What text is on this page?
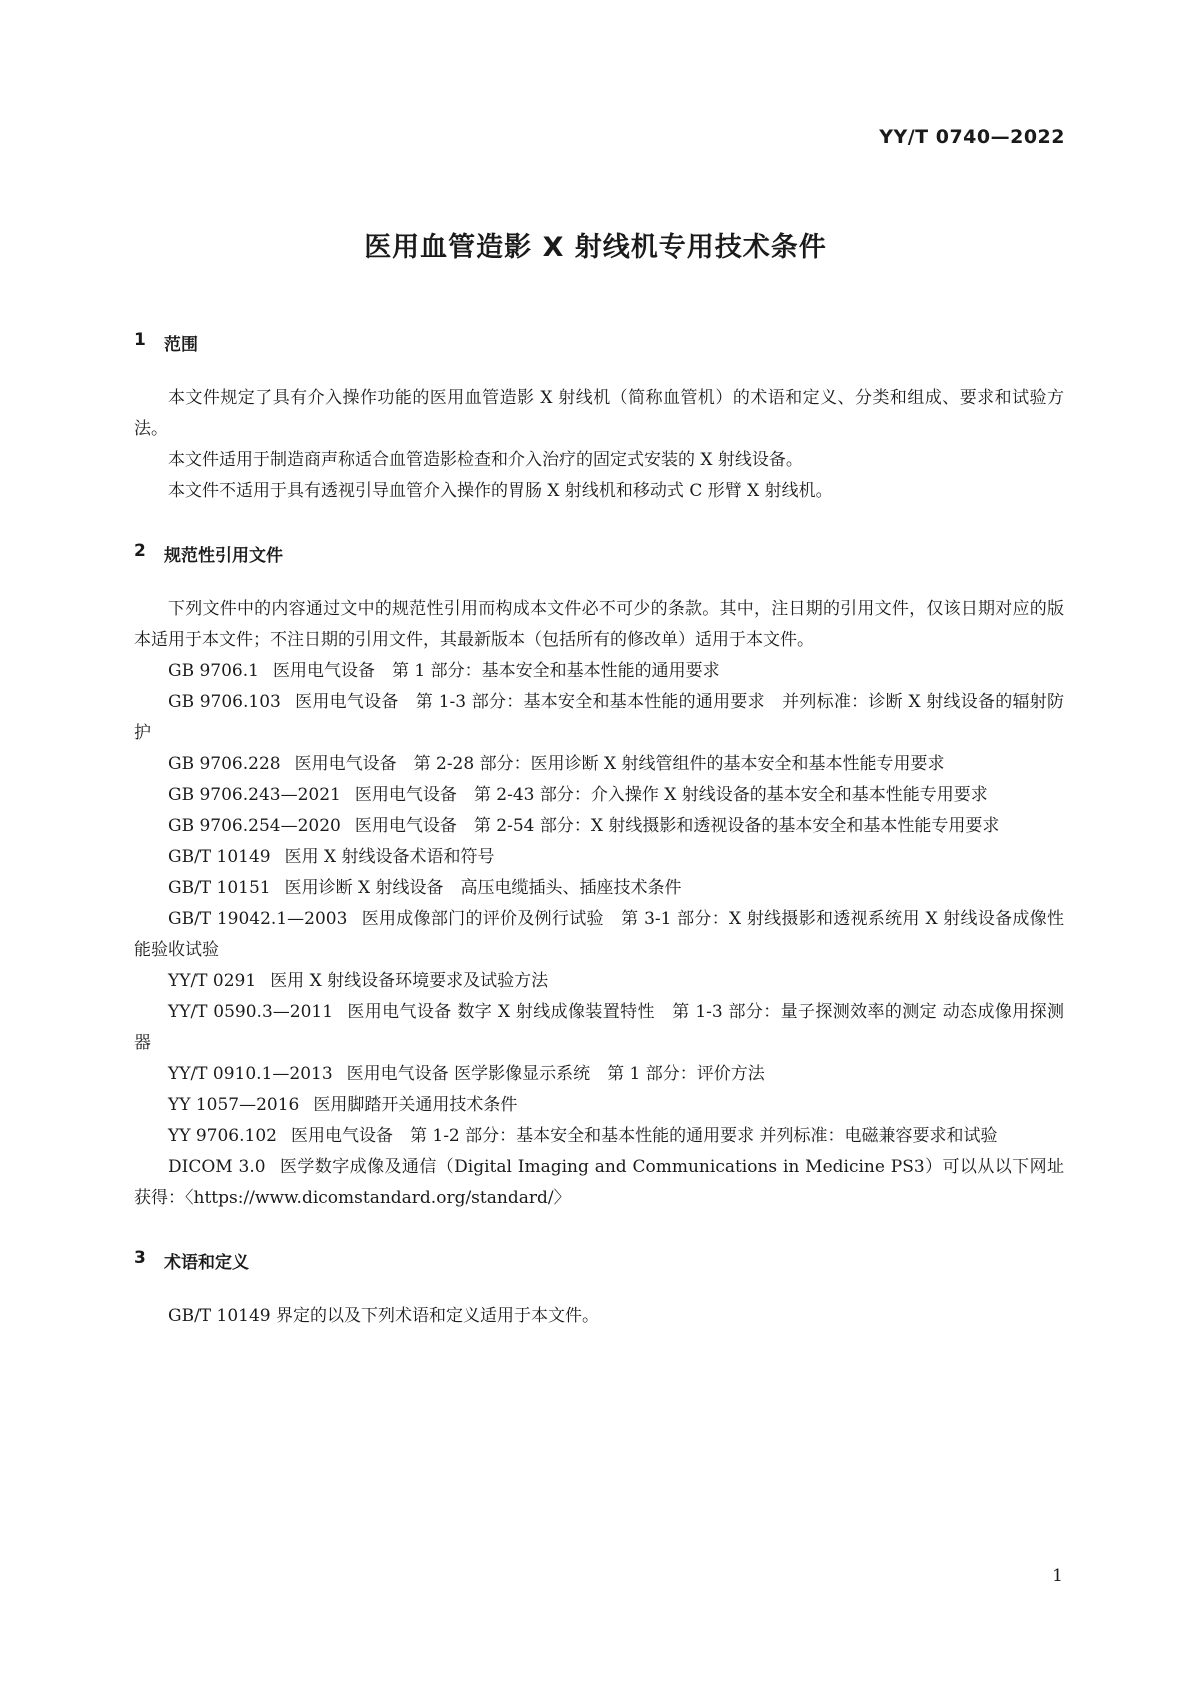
YY/T 0740—2022
医用血管造影 X 射线机专用技术条件
1	范围

本文件规定了具有介入操作功能的医用血管造影 X 射线机（简称血管机）的术语和定义、分类和组成、要求和试验方法。

本文件适用于制造商声称适合血管造影检查和介入治疗的固定式安装的 X 射线设备。

本文件不适用于具有透视引导血管介入操作的胃肠 X 射线机和移动式 C 形臂 X 射线机。

2	规范性引用文件

下列文件中的内容通过文中的规范性引用而构成本文件必不可少的条款。其中，注日期的引用文件，仅该日期对应的版本适用于本文件；不注日期的引用文件，其最新版本（包括所有的修改单）适用于本文件。

GB 9706.1 医用电气设备　第 1 部分：基本安全和基本性能的通用要求
GB 9706.103 医用电气设备　第 1-3 部分：基本安全和基本性能的通用要求　并列标准：诊断 X 射线设备的辐射防护
GB 9706.228 医用电气设备　第 2-28 部分：医用诊断 X 射线管组件的基本安全和基本性能专用要求
GB 9706.243—2021 医用电气设备　第 2-43 部分：介入操作 X 射线设备的基本安全和基本性能专用要求
GB 9706.254—2020 医用电气设备　第 2-54 部分：X 射线摄影和透视设备的基本安全和基本性能专用要求
GB/T 10149 医用 X 射线设备术语和符号
GB/T 10151 医用诊断 X 射线设备　高压电缆插头、插座技术条件
GB/T 19042.1—2003 医用成像部门的评价及例行试验　第 3-1 部分：X 射线摄影和透视系统用 X 射线设备成像性能验收试验
YY/T 0291 医用 X 射线设备环境要求及试验方法
YY/T 0590.3—2011 医用电气设备 数字 X 射线成像装置特性　第 1-3 部分：量子探测效率的测定 动态成像用探测器
YY/T 0910.1—2013 医用电气设备 医学影像显示系统　第 1 部分：评价方法
YY 1057—2016 医用脚踏开关通用技术条件
YY 9706.102 医用电气设备　第 1-2 部分：基本安全和基本性能的通用要求 并列标准：电磁兼容要求和试验
DICOM 3.0 医学数字成像及通信（Digital Imaging and Communications in Medicine PS3）可以从以下网址获得：〈https://www.dicomstandard.org/standard/〉
3	术语和定义

GB/T 10149 界定的以及下列术语和定义适用于本文件。

1
